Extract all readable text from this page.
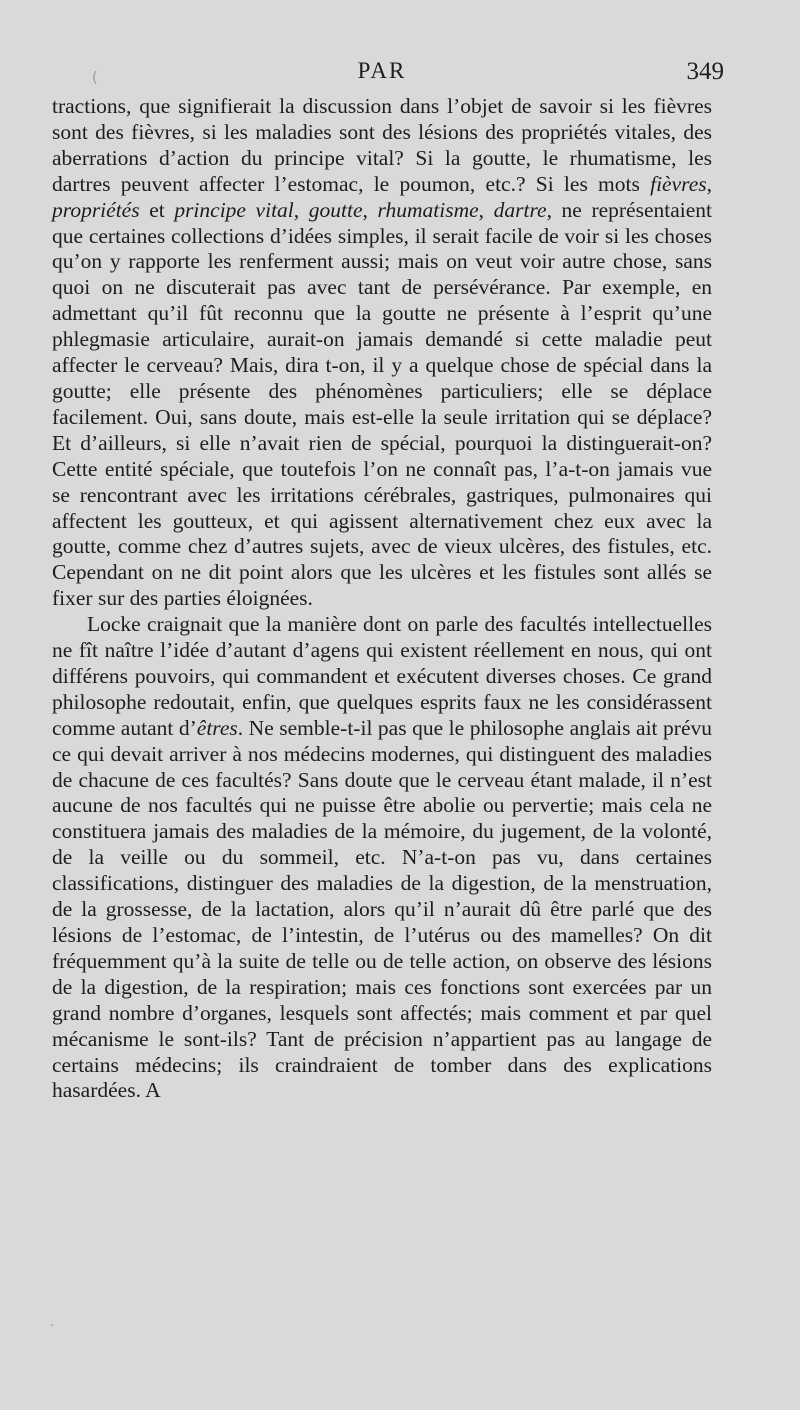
PAR	349

tractions, que signifierait la discussion dans l’objet de savoir si les fièvres sont des fièvres, si les maladies sont des lésions des propriétés vitales, des aberrations d’action du principe vital? Si la goutte, le rhumatisme, les dartres peuvent affecter l’estomac, le poumon, etc.? Si les mots fièvres, propriétés et principe vital, goutte, rhumatisme, dartre, ne représentaient que certaines collections d’idées simples, il serait facile de voir si les choses qu’on y rapporte les renferment aussi; mais on veut voir autre chose, sans quoi on ne discuterait pas avec tant de persévérance. Par exemple, en admettant qu’il fût reconnu que la goutte ne présente à l’esprit qu’une phlegmasie articulaire, aurait-on jamais demandé si cette maladie peut affecter le cerveau? Mais, dira t-on, il y a quelque chose de spécial dans la goutte; elle présente des phénomènes particuliers; elle se déplace facilement. Oui, sans doute, mais est-elle la seule irritation qui se déplace? Et d’ailleurs, si elle n’avait rien de spécial, pourquoi la distinguerait-on? Cette entité spéciale, que toutefois l’on ne connaît pas, l’a-t-on jamais vue se rencontrant avec les irritations cérébrales, gastriques, pulmonaires qui affectent les goutteux, et qui agissent alternativement chez eux avec la goutte, comme chez d’autres sujets, avec de vieux ulcères, des fistules, etc. Cependant on ne dit point alors que les ulcères et les fistules sont allés se fixer sur des parties éloignées.

Locke craignait que la manière dont on parle des facultés intellectuelles ne fît naître l’idée d’autant d’agens qui existent réellement en nous, qui ont différens pouvoirs, qui commandent et exécutent diverses choses. Ce grand philosophe redoutait, enfin, que quelques esprits faux ne les considérassent comme autant d’êtres. Ne semble-t-il pas que le philosophe anglais ait prévu ce qui devait arriver à nos médecins modernes, qui distinguent des maladies de chacune de ces facultés? Sans doute que le cerveau étant malade, il n’est aucune de nos facultés qui ne puisse être abolie ou pervertie; mais cela ne constituera jamais des maladies de la mémoire, du jugement, de la volonté, de la veille ou du sommeil, etc. N’a-t-on pas vu, dans certaines classifications, distinguer des maladies de la digestion, de la menstruation, de la grossesse, de la lactation, alors qu’il n’aurait dû être parlé que des lésions de l’estomac, de l’intestin, de l’utérus ou des mamelles? On dit fréquemment qu’à la suite de telle ou de telle action, on observe des lésions de la digestion, de la respiration; mais ces fonctions sont exercées par un grand nombre d’organes, lesquels sont affectés; mais comment et par quel mécanisme le sont-ils? Tant de précision n’appartient pas au langage de certains médecins; ils craindraient de tomber dans des explications hasardées. A

(
·
